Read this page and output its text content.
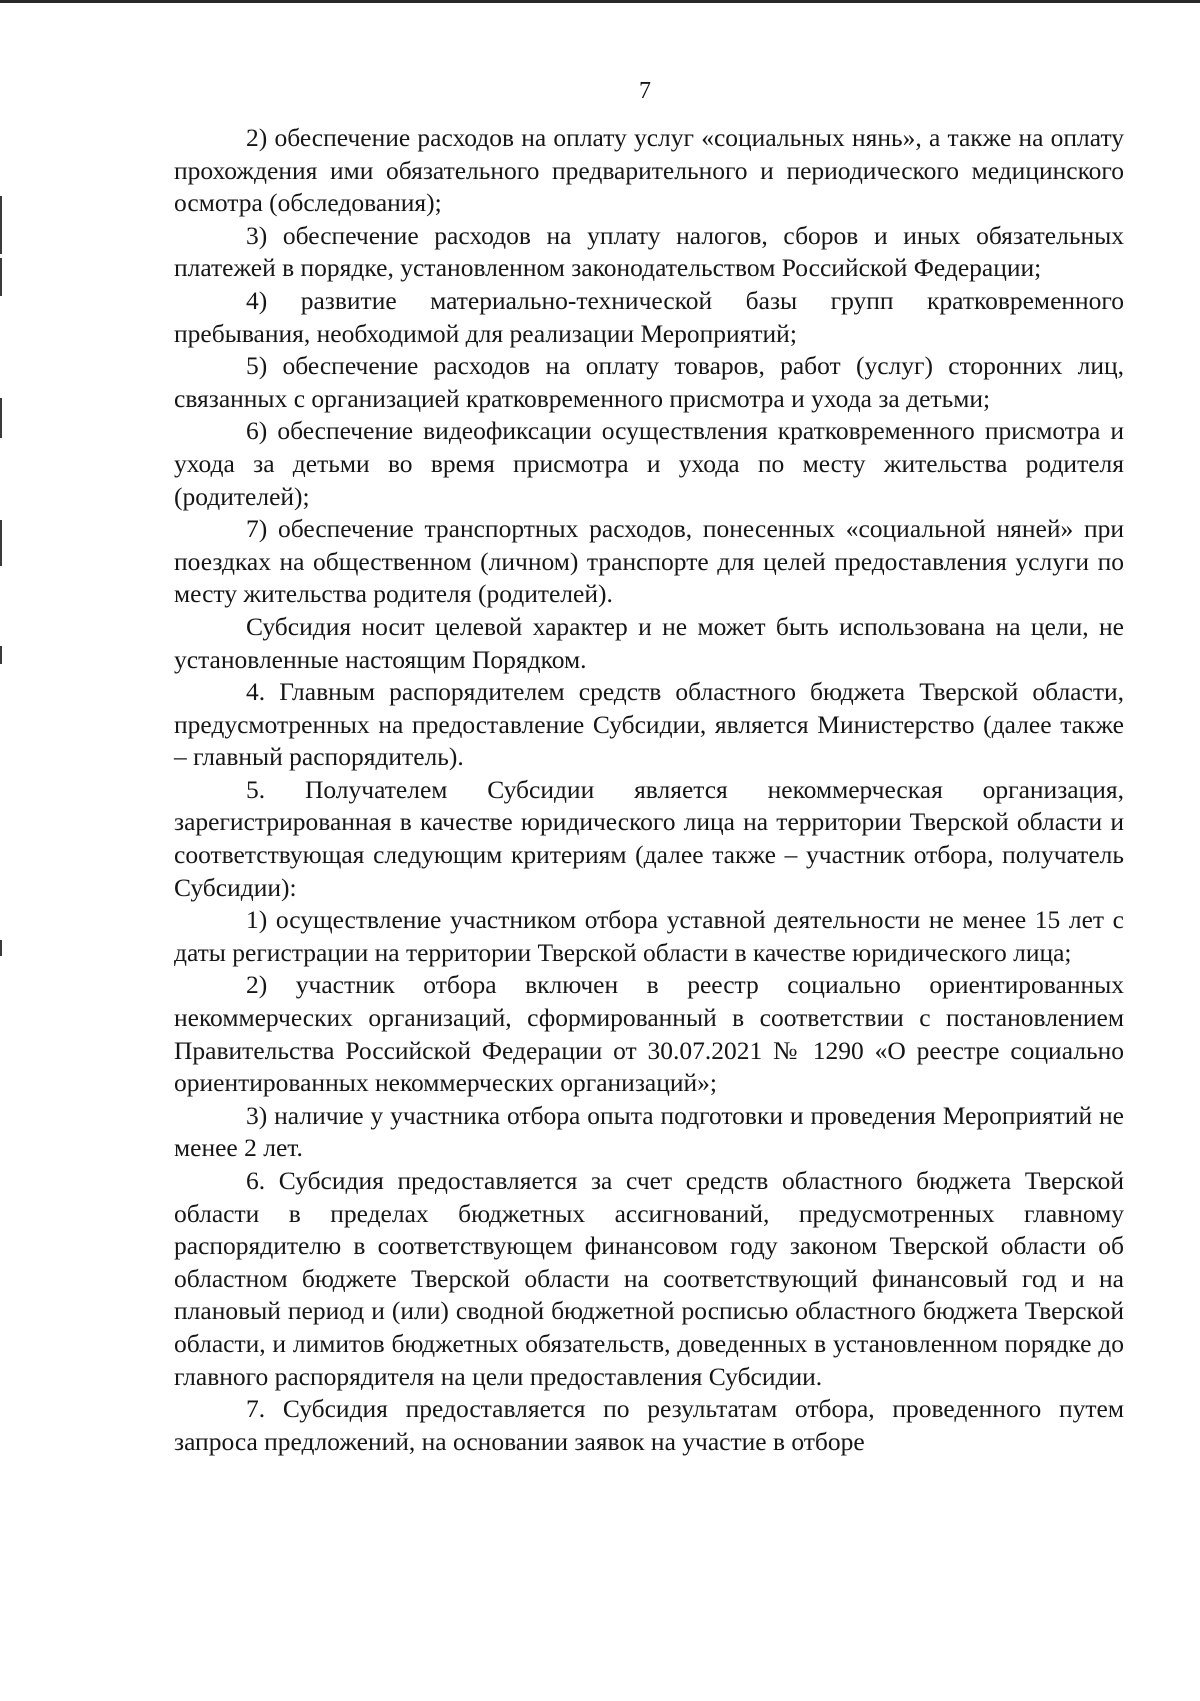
7

2) обеспечение расходов на оплату услуг «социальных нянь», а также на оплату прохождения ими обязательного предварительного и периодического медицинского осмотра (обследования);

3) обеспечение расходов на уплату налогов, сборов и иных обязательных платежей в порядке, установленном законодательством Российской Федерации;

4) развитие материально-технической базы групп кратковременного пребывания, необходимой для реализации Мероприятий;

5) обеспечение расходов на оплату товаров, работ (услуг) сторонних лиц, связанных с организацией кратковременного присмотра и ухода за детьми;

6) обеспечение видеофиксации осуществления кратковременного присмотра и ухода за детьми во время присмотра и ухода по месту жительства родителя (родителей);

7) обеспечение транспортных расходов, понесенных «социальной няней» при поездках на общественном (личном) транспорте для целей предоставления услуги по месту жительства родителя (родителей).

Субсидия носит целевой характер и не может быть использована на цели, не установленные настоящим Порядком.

4. Главным распорядителем средств областного бюджета Тверской области, предусмотренных на предоставление Субсидии, является Министерство (далее также – главный распорядитель).

5. Получателем Субсидии является некоммерческая организация, зарегистрированная в качестве юридического лица на территории Тверской области и соответствующая следующим критериям (далее также – участник отбора, получатель Субсидии):

1) осуществление участником отбора уставной деятельности не менее 15 лет с даты регистрации на территории Тверской области в качестве юридического лица;

2) участник отбора включен в реестр социально ориентированных некоммерческих организаций, сформированный в соответствии с постановлением Правительства Российской Федерации от 30.07.2021 № 1290 «О реестре социально ориентированных некоммерческих организаций»;

3) наличие у участника отбора опыта подготовки и проведения Мероприятий не менее 2 лет.

6. Субсидия предоставляется за счет средств областного бюджета Тверской области в пределах бюджетных ассигнований, предусмотренных главному распорядителю в соответствующем финансовом году законом Тверской области об областном бюджете Тверской области на соответствующий финансовый год и на плановый период и (или) сводной бюджетной росписью областного бюджета Тверской области, и лимитов бюджетных обязательств, доведенных в установленном порядке до главного распорядителя на цели предоставления Субсидии.

7. Субсидия предоставляется по результатам отбора, проведенного путем запроса предложений, на основании заявок на участие в отборе
